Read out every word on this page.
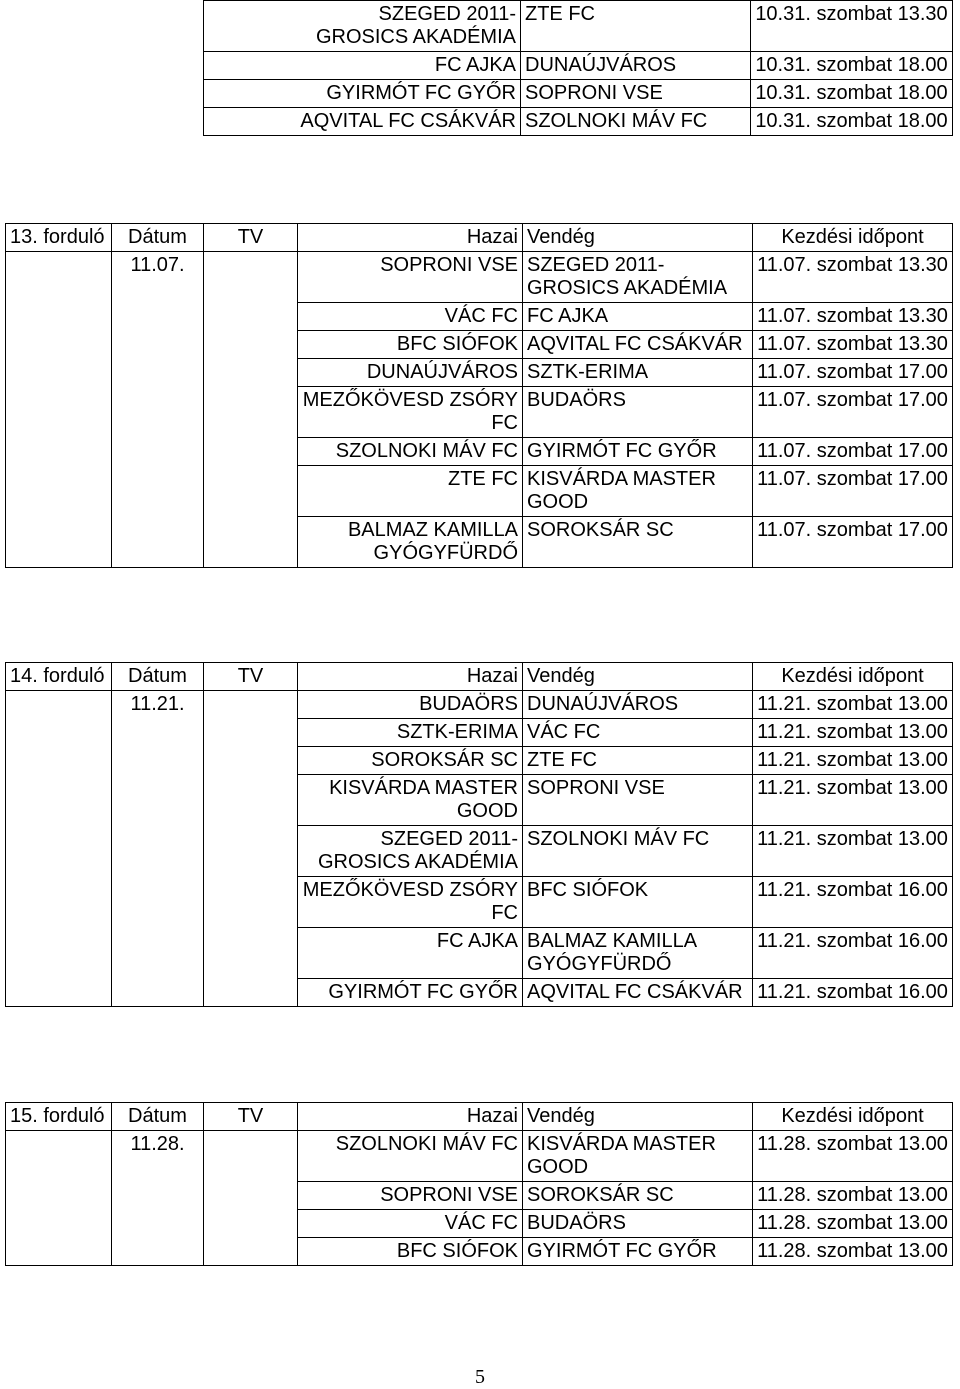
SZEGED 2011-
GROSICS AKADÉMIA	ZTE FC	10.31. szombat 13.30

FC AJKA	DUNAÚJVÁROS	10.31. szombat 18.00

GYIRMÓT FC GYŐR	SOPRONI VSE	10.31. szombat 18.00

AQVITAL FC CSÁKVÁR	SZOLNOKI MÁV FC	10.31. szombat 18.00
13. forduló	Dátum	TV	Hazai	Vendég	Kezdési időpont
	11.07.		SOPRONI VSE	SZEGED 2011-
GROSICS AKADÉMIA	11.07. szombat 13.30

			VÁC FC	FC AJKA	11.07. szombat 13.30

			BFC SIÓFOK	AQVITAL FC CSÁKVÁR	11.07. szombat 13.30

			DUNAÚJVÁROS	SZTK-ERIMA	11.07. szombat 17.00

			MEZŐKÖVESD ZSÓRY
FC	BUDAÖRS	11.07. szombat 17.00

			SZOLNOKI MÁV FC	GYIRMÓT FC GYŐR	11.07. szombat 17.00

			ZTE FC	KISVÁRDA MASTER
GOOD	11.07. szombat 17.00

			BALMAZ KAMILLA
GYÓGYFÜRDŐ	SOROKSÁR SC	11.07. szombat 17.00
14. forduló	Dátum	TV	Hazai	Vendég	Kezdési időpont
	11.21.		BUDAÖRS	DUNAÚJVÁROS	11.21. szombat 13.00

			SZTK-ERIMA	VÁC FC	11.21. szombat 13.00

			SOROKSÁR SC	ZTE FC	11.21. szombat 13.00

			KISVÁRDA MASTER
GOOD	SOPRONI VSE	11.21. szombat 13.00

			SZEGED 2011-
GROSICS AKADÉMIA	SZOLNOKI MÁV FC	11.21. szombat 13.00

			MEZŐKÖVESD ZSÓRY
FC	BFC SIÓFOK	11.21. szombat 16.00

			FC AJKA	BALMAZ KAMILLA
GYÓGYFÜRDŐ	11.21. szombat 16.00

			GYIRMÓT FC GYŐR	AQVITAL FC CSÁKVÁR	11.21. szombat 16.00
15. forduló	Dátum	TV	Hazai	Vendég	Kezdési időpont
	11.28.		SZOLNOKI MÁV FC	KISVÁRDA MASTER
GOOD	11.28. szombat 13.00

			SOPRONI VSE	SOROKSÁR SC	11.28. szombat 13.00

			VÁC FC	BUDAÖRS	11.28. szombat 13.00

			BFC SIÓFOK	GYIRMÓT FC GYŐR	11.28. szombat 13.00
5
